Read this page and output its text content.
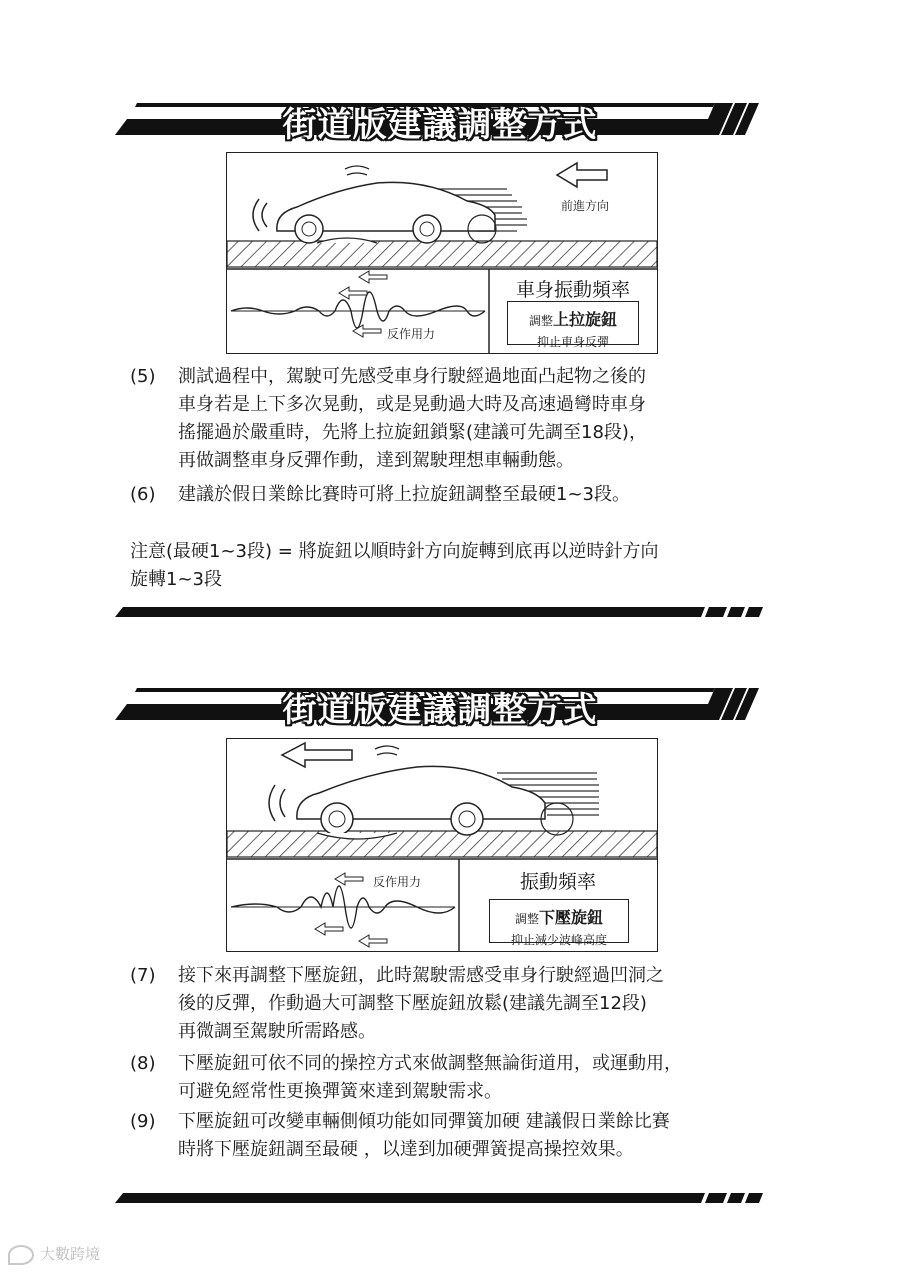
街道版建議調整方式
前進方向
反作用力
車身振動頻率
調整上拉旋鈕
抑止車身反彈
(5)	測試過程中，駕駛可先感受車身行駛經過地面凸起物之後的
車身若是上下多次晃動，或是晃動過大時及高速過彎時車身
搖擺過於嚴重時，先將上拉旋鈕鎖緊(建議可先調至18段)，
再做調整車身反彈作動，達到駕駛理想車輛動態。
(6)	建議於假日業餘比賽時可將上拉旋鈕調整至最硬1~3段。
注意(最硬1~3段) = 將旋鈕以順時針方向旋轉到底再以逆時針方向
旋轉1~3段
街道版建議調整方式
反作用力	振動頻率
調整下壓旋鈕
抑止減少波峰高度
(7)	接下來再調整下壓旋鈕，此時駕駛需感受車身行駛經過凹洞之
後的反彈，作動過大可調整下壓旋鈕放鬆(建議先調至12段)
再微調至駕駛所需路感。
(8)	下壓旋鈕可依不同的操控方式來做調整無論街道用，或運動用，
可避免經常性更換彈簧來達到駕駛需求。
(9)	下壓旋鈕可改變車輛側傾功能如同彈簧加硬 建議假日業餘比賽
時將下壓旋鈕調至最硬 ，以達到加硬彈簧提高操控效果。
大數跨境
